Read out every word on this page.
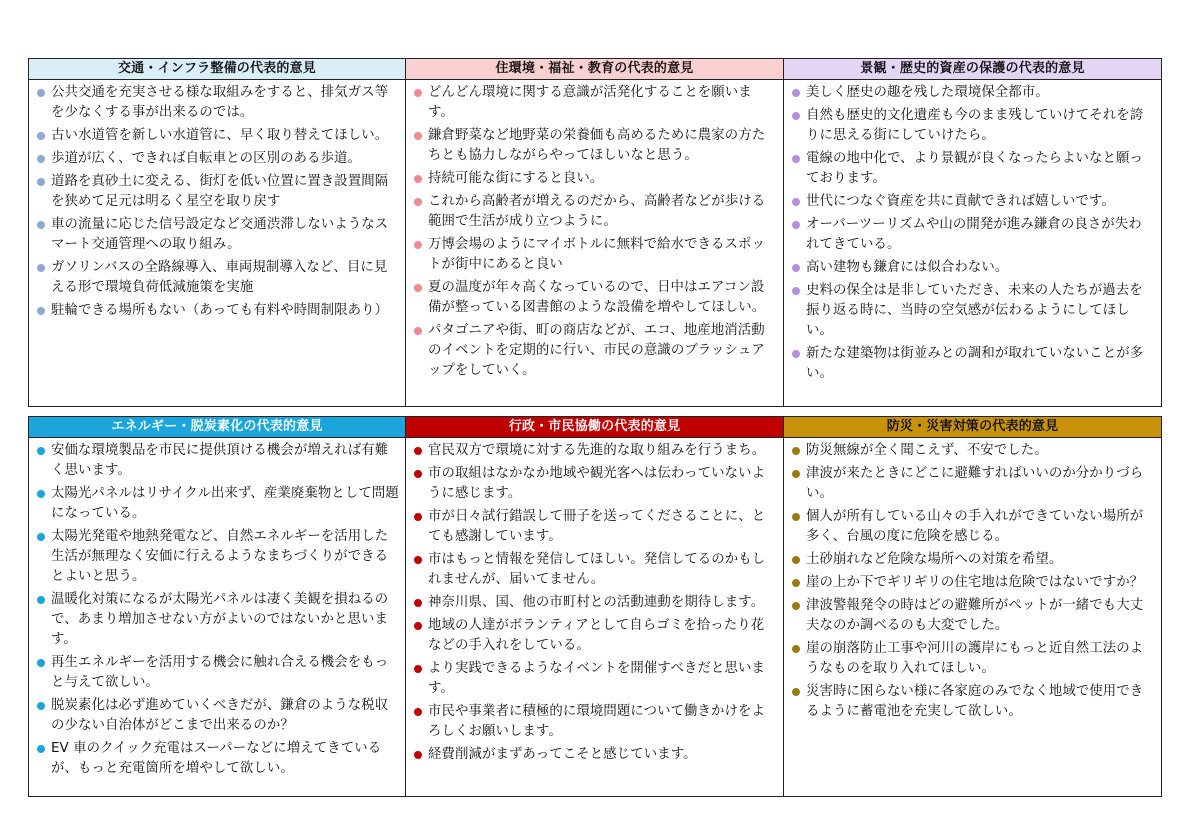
交通・インフラ整備の代表的意見
公共交通を充実させる様な取組みをすると、排気ガス等を少なくする事が出来るのでは。
古い水道管を新しい水道管に、早く取り替えてほしい。
歩道が広く、できれば自転車との区別のある歩道。
道路を真砂土に変える、街灯を低い位置に置き設置間隔を狭めて足元は明るく星空を取り戻す
車の流量に応じた信号設定など交通渋滞しないようなスマート交通管理への取り組み。
ガソリンバスの全路線導入、車両規制導入など、目に見える形で環境負荷低減施策を実施
駐輪できる場所もない（あっても有料や時間制限あり）
住環境・福祉・教育の代表的意見
どんどん環境に関する意識が活発化することを願います。
鎌倉野菜など地野菜の栄養価も高めるために農家の方たちとも協力しながらやってほしいなと思う。
持続可能な街にすると良い。
これから高齢者が増えるのだから、高齢者などが歩ける範囲で生活が成り立つように。
万博会場のようにマイボトルに無料で給水できるスポットが街中にあると良い
夏の温度が年々高くなっているので、日中はエアコン設備が整っている図書館のような設備を増やしてほしい。
パタゴニアや街、町の商店などが、エコ、地産地消活動のイベントを定期的に行い、市民の意識のブラッシュアップをしていく。
景観・歴史的資産の保護の代表的意見
美しく歴史の趣を残した環境保全都市。
自然も歴史的文化遺産も今のまま残していけてそれを誇りに思える街にしていけたら。
電線の地中化で、より景観が良くなったらよいなと願っております。
世代につなぐ資産を共に貢献できれば嬉しいです。
オーバーツーリズムや山の開発が進み鎌倉の良さが失われてきている。
高い建物も鎌倉には似合わない。
史料の保全は是非していただき、未来の人たちが過去を振り返る時に、当時の空気感が伝わるようにしてほしい。
新たな建築物は街並みとの調和が取れていないことが多い。
エネルギー・脱炭素化の代表的意見
安価な環境製品を市民に提供頂ける機会が増えれば有難く思います。
太陽光パネルはリサイクル出来ず、産業廃棄物として問題になっている。
太陽光発電や地熱発電など、自然エネルギーを活用した生活が無理なく安価に行えるようなまちづくりができるとよいと思う。
温暖化対策になるが太陽光パネルは凄く美観を損ねるので、あまり増加させない方がよいのではないかと思います。
再生エネルギーを活用する機会に触れ合える機会をもっと与えて欲しい。
脱炭素化は必ず進めていくべきだが、鎌倉のような税収の少ない自治体がどこまで出来るのか？
EV 車のクイック充電はスーパーなどに増えてきているが、もっと充電箇所を増やして欲しい。
行政・市民協働の代表的意見
官民双方で環境に対する先進的な取り組みを行うまち。
市の取組はなかなか地域や観光客へは伝わっていないように感じます。
市が日々試行錯誤して冊子を送ってくださることに、とても感謝しています。
市はもっと情報を発信してほしい。発信してるのかもしれませんが、届いてません。
神奈川県、国、他の市町村との活動連動を期待します。
地域の人達がボランティアとして自らゴミを拾ったり花などの手入れをしている。
より実践できるようなイベントを開催すべきだと思います。
市民や事業者に積極的に環境問題について働きかけをよろしくお願いします。
経費削減がまずあってこそと感じています。
防災・災害対策の代表的意見
防災無線が全く聞こえず、不安でした。
津波が来たときにどこに避難すればいいのか分かりづらい。
個人が所有している山々の手入れができていない場所が多く、台風の度に危険を感じる。
土砂崩れなど危険な場所への対策を希望。
崖の上か下でギリギリの住宅地は危険ではないですか？
津波警報発令の時はどの避難所がペットが一緒でも大丈夫なのか調べるのも大変でした。
崖の崩落防止工事や河川の護岸にもっと近自然工法のようなものを取り入れてほしい。
災害時に困らない様に各家庭のみでなく地域で使用できるように蓄電池を充実して欲しい。
